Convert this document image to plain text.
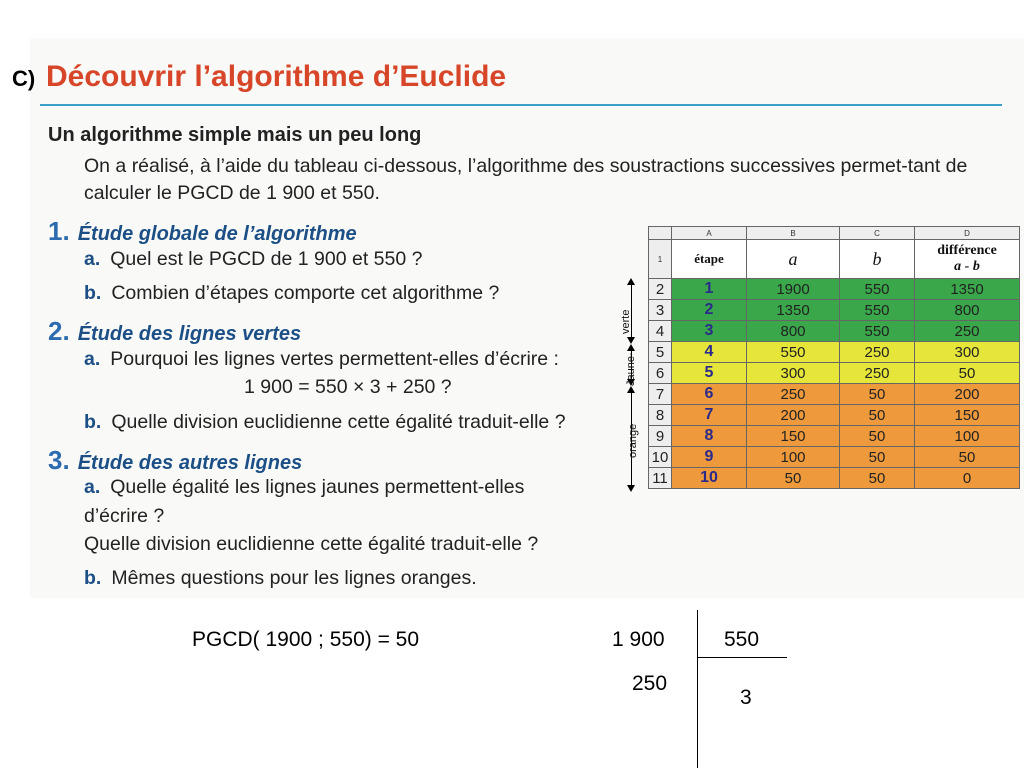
C) Découvrir l’algorithme d’Euclide
Un algorithme simple mais un peu long
On a réalisé, à l’aide du tableau ci-dessous, l’algorithme des soustractions successives permet-tant de calculer le PGCD de 1 900 et 550.
1. Étude globale de l’algorithme
a. Quel est le PGCD de 1 900 et 550 ?
b. Combien d’étapes comporte cet algorithme ?
2. Étude des lignes vertes
a. Pourquoi les lignes vertes permettent-elles d’écrire :
1 900 = 550 × 3 + 250 ?
b. Quelle division euclidienne cette égalité traduit-elle ?
3. Étude des autres lignes
a. Quelle égalité les lignes jaunes permettent-elles
d’écrire ?
Quelle division euclidienne cette égalité traduit-elle ?
b. Mêmes questions pour les lignes oranges.
	A	B	C	D
1	étape	a	b	différence
a - b

2	1	1900	550	1350
3	2	1350	550	800
4	3	800	550	250
5	4	550	250	300
6	5	300	250	50
7	6	250	50	200
8	7	200	50	150
9	8	150	50	100
10	9	100	50	50
11	10	50	50	0
verte
Jaune-
orange
PGCD( 1900 ; 550) = 50	1 900	550
250
3
